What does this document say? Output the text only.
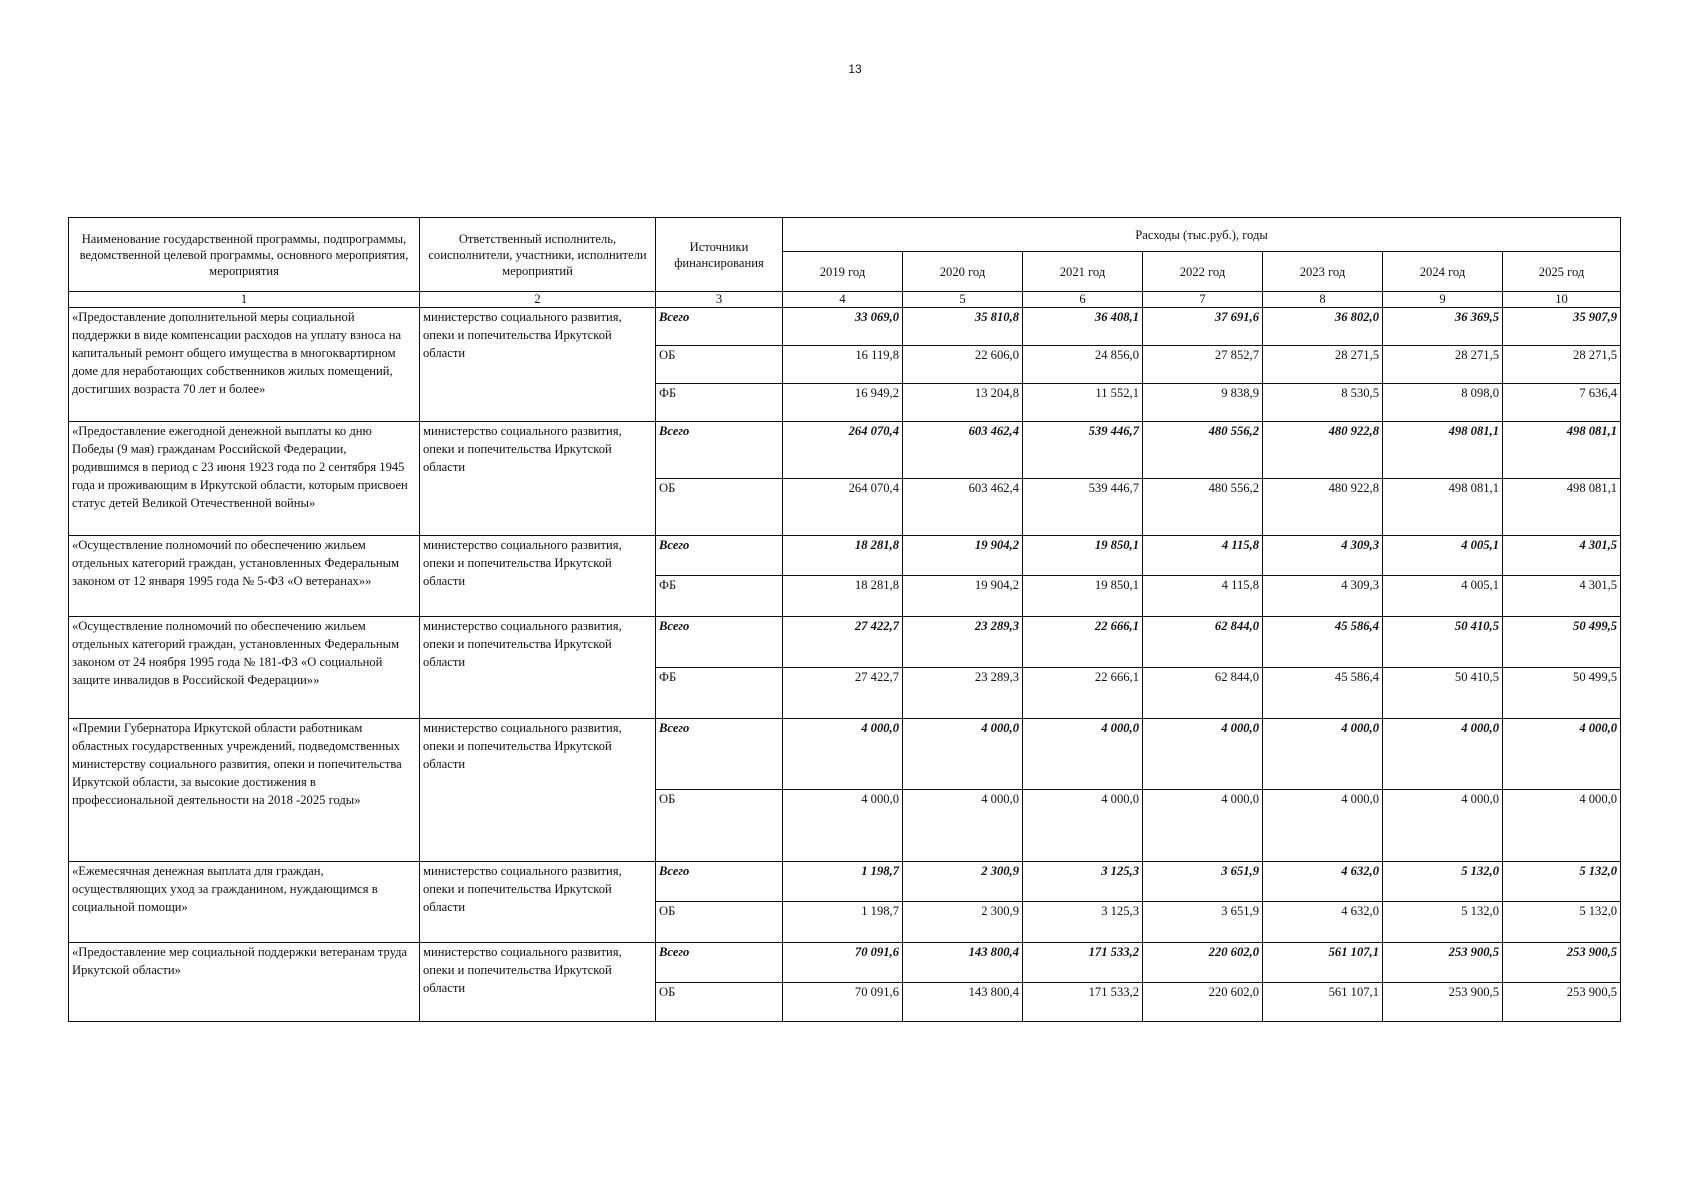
13
Наименование государственной программы, подпрограммы, ведомственной целевой программы, основного мероприятия, мероприятия	Ответственный исполнитель, соисполнители, участники, исполнители мероприятий	Источники финансирования	Расходы (тыс.руб.), годы						
			2019 год	2020 год	2021 год	2022 год	2023 год	2024 год	2025 год
1	2	3	4	5	6	7	8	9	10
«Предоставление дополнительной меры социальной поддержки в виде компенсации расходов на уплату взноса на капитальный ремонт общего имущества в многоквартирном доме для неработающих собственников жилых помещений, достигших возраста 70 лет и более»	министерство социального развития, опеки и попечительства Иркутской области	Всего	33 069,0	35 810,8	36 408,1	37 691,6	36 802,0	36 369,5	35 907,9
		ОБ	16 119,8	22 606,0	24 856,0	27 852,7	28 271,5	28 271,5	28 271,5
		ФБ	16 949,2	13 204,8	11 552,1	9 838,9	8 530,5	8 098,0	7 636,4
«Предоставление ежегодной денежной выплаты ко дню Победы (9 мая) гражданам Российской Федерации, родившимся в период с 23 июня 1923 года по 2 сентября 1945 года и проживающим в Иркутской области, которым присвоен статус детей Великой Отечественной войны»	министерство социального развития, опеки и попечительства Иркутской области	Всего	264 070,4	603 462,4	539 446,7	480 556,2	480 922,8	498 081,1	498 081,1
		ОБ	264 070,4	603 462,4	539 446,7	480 556,2	480 922,8	498 081,1	498 081,1
«Осуществление полномочий по обеспечению жильем отдельных категорий граждан, установленных Федеральным законом от 12 января 1995 года № 5-ФЗ «О ветеранах»»	министерство социального развития, опеки и попечительства Иркутской области	Всего	18 281,8	19 904,2	19 850,1	4 115,8	4 309,3	4 005,1	4 301,5
		ФБ	18 281,8	19 904,2	19 850,1	4 115,8	4 309,3	4 005,1	4 301,5
«Осуществление полномочий по обеспечению жильем отдельных категорий граждан, установленных Федеральным законом от 24 ноября 1995 года № 181-ФЗ «О социальной защите инвалидов в Российской Федерации»»	министерство социального развития, опеки и попечительства Иркутской области	Всего	27 422,7	23 289,3	22 666,1	62 844,0	45 586,4	50 410,5	50 499,5
		ФБ	27 422,7	23 289,3	22 666,1	62 844,0	45 586,4	50 410,5	50 499,5
«Премии Губернатора Иркутской области работникам областных государственных учреждений, подведомственных министерству социального развития, опеки и попечительства Иркутской области, за высокие достижения в профессиональной деятельности на 2018 -2025 годы»	министерство социального развития, опеки и попечительства Иркутской области	Всего	4 000,0	4 000,0	4 000,0	4 000,0	4 000,0	4 000,0	4 000,0
		ОБ	4 000,0	4 000,0	4 000,0	4 000,0	4 000,0	4 000,0	4 000,0
«Ежемесячная денежная выплата для граждан, осуществляющих уход за гражданином, нуждающимся в социальной помощи»	министерство социального развития, опеки и попечительства Иркутской области	Всего	1 198,7	2 300,9	3 125,3	3 651,9	4 632,0	5 132,0	5 132,0
		ОБ	1 198,7	2 300,9	3 125,3	3 651,9	4 632,0	5 132,0	5 132,0
«Предоставление мер социальной поддержки ветеранам труда Иркутской области»	министерство социального развития, опеки и попечительства Иркутской области	Всего	70 091,6	143 800,4	171 533,2	220 602,0	561 107,1	253 900,5	253 900,5
		ОБ	70 091,6	143 800,4	171 533,2	220 602,0	561 107,1	253 900,5	253 900,5
